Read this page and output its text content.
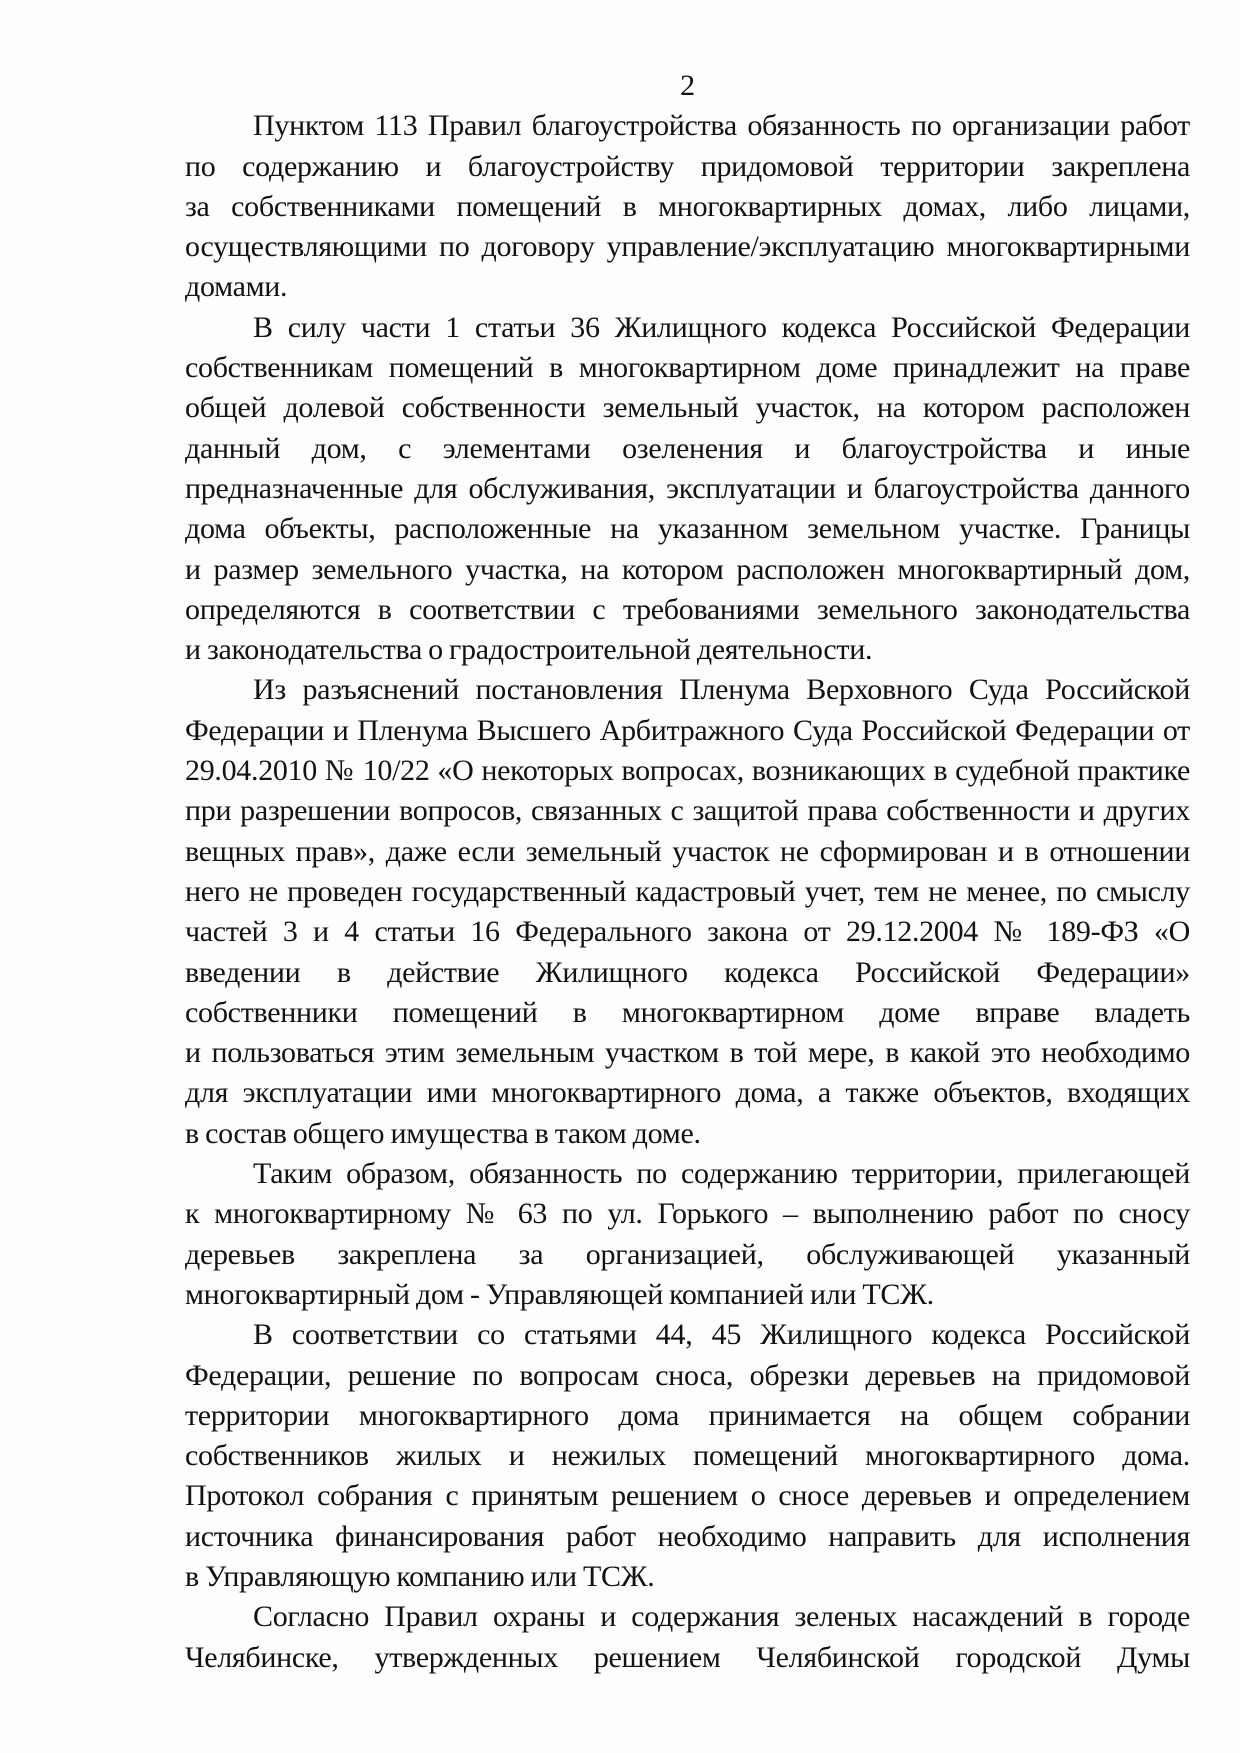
2
Пунктом 113 Правил благоустройства обязанность по организации работ
по содержанию и благоустройству придомовой территории закреплена
за собственниками помещений в многоквартирных домах, либо лицами,
осуществляющими по договору управление/эксплуатацию многоквартирными
домами.
В силу части 1 статьи 36 Жилищного кодекса Российской Федерации
собственникам помещений в многоквартирном доме принадлежит на праве
общей долевой собственности земельный участок, на котором расположен
данный дом, с элементами озеленения и благоустройства и иные
предназначенные для обслуживания, эксплуатации и благоустройства данного
дома объекты, расположенные на указанном земельном участке. Границы
и размер земельного участка, на котором расположен многоквартирный дом,
определяются в соответствии с требованиями земельного законодательства
и законодательства о градостроительной деятельности.
Из разъяснений постановления Пленума Верховного Суда Российской
Федерации и Пленума Высшего Арбитражного Суда Российской Федерации от
29.04.2010 № 10/22 «О некоторых вопросах, возникающих в судебной практике
при разрешении вопросов, связанных с защитой права собственности и других
вещных прав», даже если земельный участок не сформирован и в отношении
него не проведен государственный кадастровый учет, тем не менее, по смыслу
частей 3 и 4 статьи 16 Федерального закона от 29.12.2004 № 189-ФЗ «О
введении в действие Жилищного кодекса Российской Федерации»
собственники помещений в многоквартирном доме вправе владеть
и пользоваться этим земельным участком в той мере, в какой это необходимо
для эксплуатации ими многоквартирного дома, а также объектов, входящих
в состав общего имущества в таком доме.
Таким образом, обязанность по содержанию территории, прилегающей
к многоквартирному № 63 по ул. Горького – выполнению работ по сносу
деревьев закреплена за организацией, обслуживающей указанный
многоквартирный дом - Управляющей компанией или ТСЖ.
В соответствии со статьями 44, 45 Жилищного кодекса Российской
Федерации, решение по вопросам сноса, обрезки деревьев на придомовой
территории многоквартирного дома принимается на общем собрании
собственников жилых и нежилых помещений многоквартирного дома.
Протокол собрания с принятым решением о сносе деревьев и определением
источника финансирования работ необходимо направить для исполнения
в Управляющую компанию или ТСЖ.
Согласно Правил охраны и содержания зеленых насаждений в городе
Челябинске, утвержденных решением Челябинской городской Думы
